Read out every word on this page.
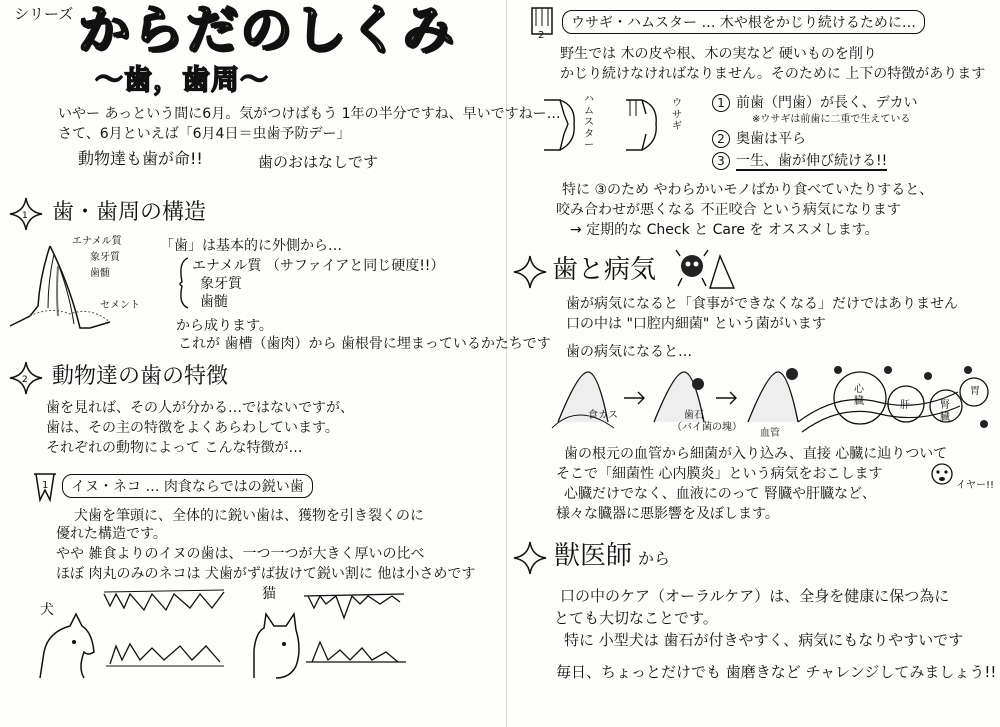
シリーズ からだのしくみ
〜歯，歯周〜
いやー あっという間に6月。気がつけばもう 1年の半分ですね、早いですねー…
さて、6月といえば「6月4日＝虫歯予防デー」
動物達も歯が命!!	歯のおはなしです
1 歯・歯周の構造
エナメル質
象牙質
歯髄
セメント
「歯」は基本的に外側から…
エナメル質 （サファイアと同じ硬度!!）
象牙質
歯髄
から成ります。
これが 歯槽（歯肉）から 歯根骨に埋まっているかたちです
2 動物達の歯の特徴
歯を見れば、その人が分かる…ではないですが、
歯は、その主の特徴をよくあらわしています。
それぞれの動物によって こんな特徴が…
1	イヌ・ネコ … 肉食ならではの鋭い歯
犬歯を筆頭に、全体的に鋭い歯は、獲物を引き裂くのに
優れた構造です。
やや 雑食よりのイヌの歯は、一つ一つが大きく厚いの比べ
ほぼ 肉丸のみのネコは 犬歯がずば抜けて鋭い割に 他は小さめです
犬
猫
2
ウサギ・ハムスター … 木や根をかじり続けるために…
野生では 木の皮や根、木の実など 硬いものを削り
かじり続けなければなりません。そのために 上下の特徴があります
ハムスター
ウサギ
1 前歯（門歯）が長く、デカい
※ウサギは前歯に二重で生えている
2 奥歯は平ら
3 一生、歯が伸び続ける!!
特に ③のため やわらかいモノばかり食べていたりすると、
咬み合わせが悪くなる 不正咬合 という病気になります
→ 定期的な Check と Care を オススメします。
歯と病気
歯が病気になると「食事ができなくなる」だけではありません
口の中は "口腔内細菌" という菌がいます
歯の病気になると…
食カス	歯石
（バイ菌の塊）
血管
心臓	肝	腎臓
胃
歯の根元の血管から細菌が入り込み、直接 心臓に辿りついて
そこで「細菌性 心内膜炎」という病気をおこします
心臓だけでなく、血液にのって 腎臓や肝臓など、
様々な臓器に悪影響を及ぼします。
イヤー!!
獣医師 から
口の中のケア（オーラルケア）は、全身を健康に保つ為に
とても大切なことです。
特に 小型犬は 歯石が付きやすく、病気にもなりやすいです
毎日、ちょっとだけでも 歯磨きなど チャレンジしてみましょう!!
